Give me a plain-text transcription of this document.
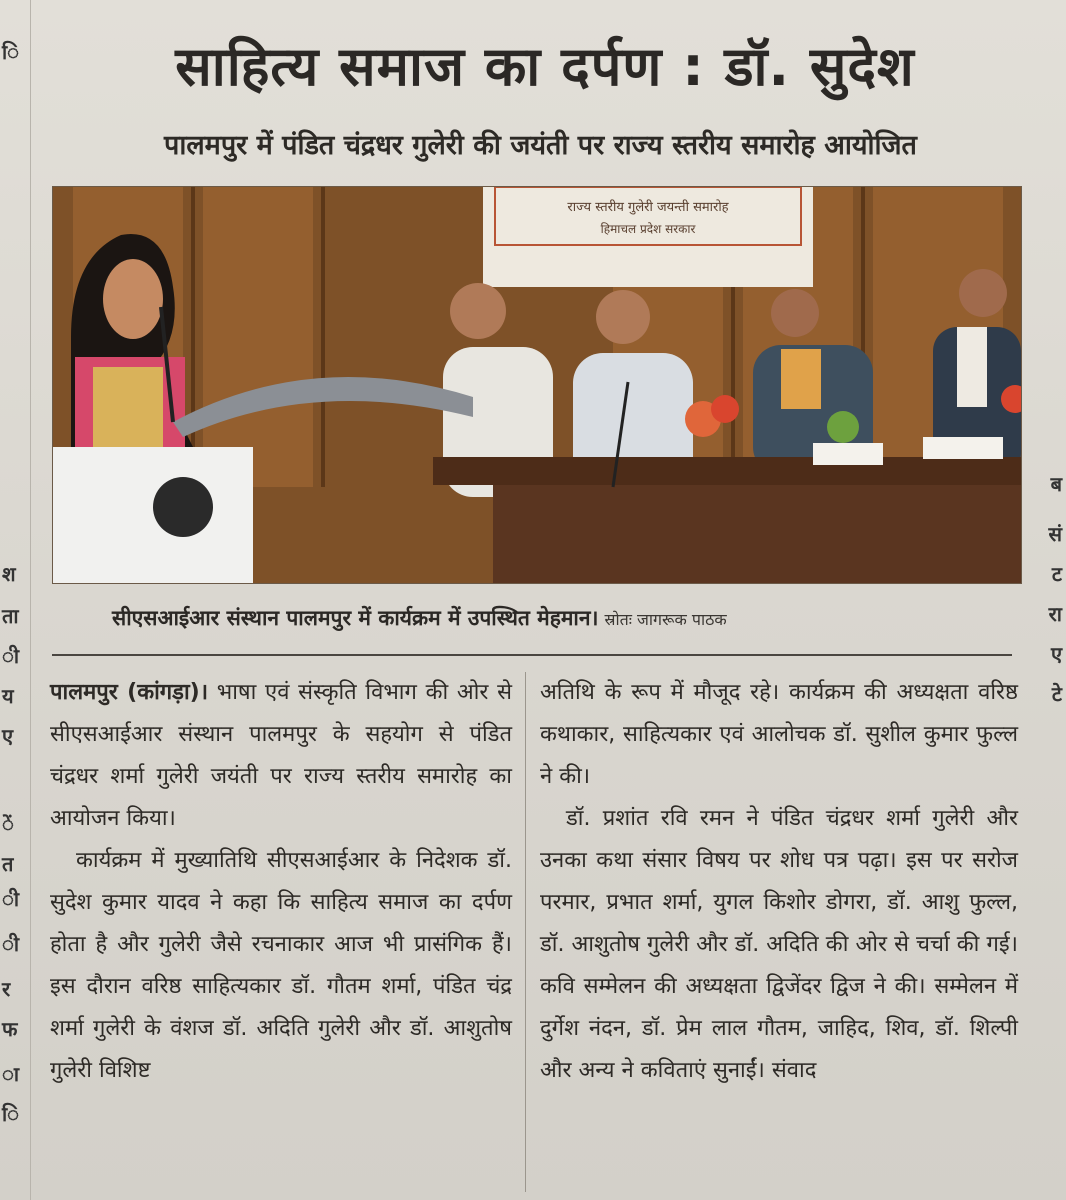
ि
श
ता
ी
य
ए
ें
त
ी
ी
र
फ
ा
ि
ब
सं
ट
रा
ए
टे
साहित्य समाज का दर्पण : डॉ. सुदेश
पालमपुर में पंडित चंद्रधर गुलेरी की जयंती पर राज्य स्तरीय समारोह आयोजित
राज्य स्तरीय गुलेरी जयन्ती समारोह
हिमाचल प्रदेश सरकार
सीएसआईआर संस्थान पालमपुर में कार्यक्रम में उपस्थित मेहमान। स्रोतः जागरूक पाठक

पालमपुर (कांगड़ा)। भाषा एवं संस्कृति विभाग की ओर से सीएसआईआर संस्थान पालमपुर के सहयोग से पंडित चंद्रधर शर्मा गुलेरी जयंती पर राज्य स्तरीय समारोह का आयोजन किया।

कार्यक्रम में मुख्यातिथि सीएसआईआर के निदेशक डॉ. सुदेश कुमार यादव ने कहा कि साहित्य समाज का दर्पण होता है और गुलेरी जैसे रचनाकार आज भी प्रासंगिक हैं। इस दौरान वरिष्ठ साहित्यकार डॉ. गौतम शर्मा, पंडित चंद्र शर्मा गुलेरी के वंशज डॉ. अदिति गुलेरी और डॉ. आशुतोष गुलेरी विशिष्ट

अतिथि के रूप में मौजूद रहे। कार्यक्रम की अध्यक्षता वरिष्ठ कथाकार, साहित्यकार एवं आलोचक डॉ. सुशील कुमार फुल्ल ने की।

डॉ. प्रशांत रवि रमन ने पंडित चंद्रधर शर्मा गुलेरी और उनका कथा संसार विषय पर शोध पत्र पढ़ा। इस पर सरोज परमार, प्रभात शर्मा, युगल किशोर डोगरा, डॉ. आशु फुल्ल, डॉ. आशुतोष गुलेरी और डॉ. अदिति की ओर से चर्चा की गई। कवि सम्मेलन की अध्यक्षता द्विजेंदर द्विज ने की। सम्मेलन में दुर्गेश नंदन, डॉ. प्रेम लाल गौतम, जाहिद, शिव, डॉ. शिल्पी और अन्य ने कविताएं सुनाईं। संवाद
